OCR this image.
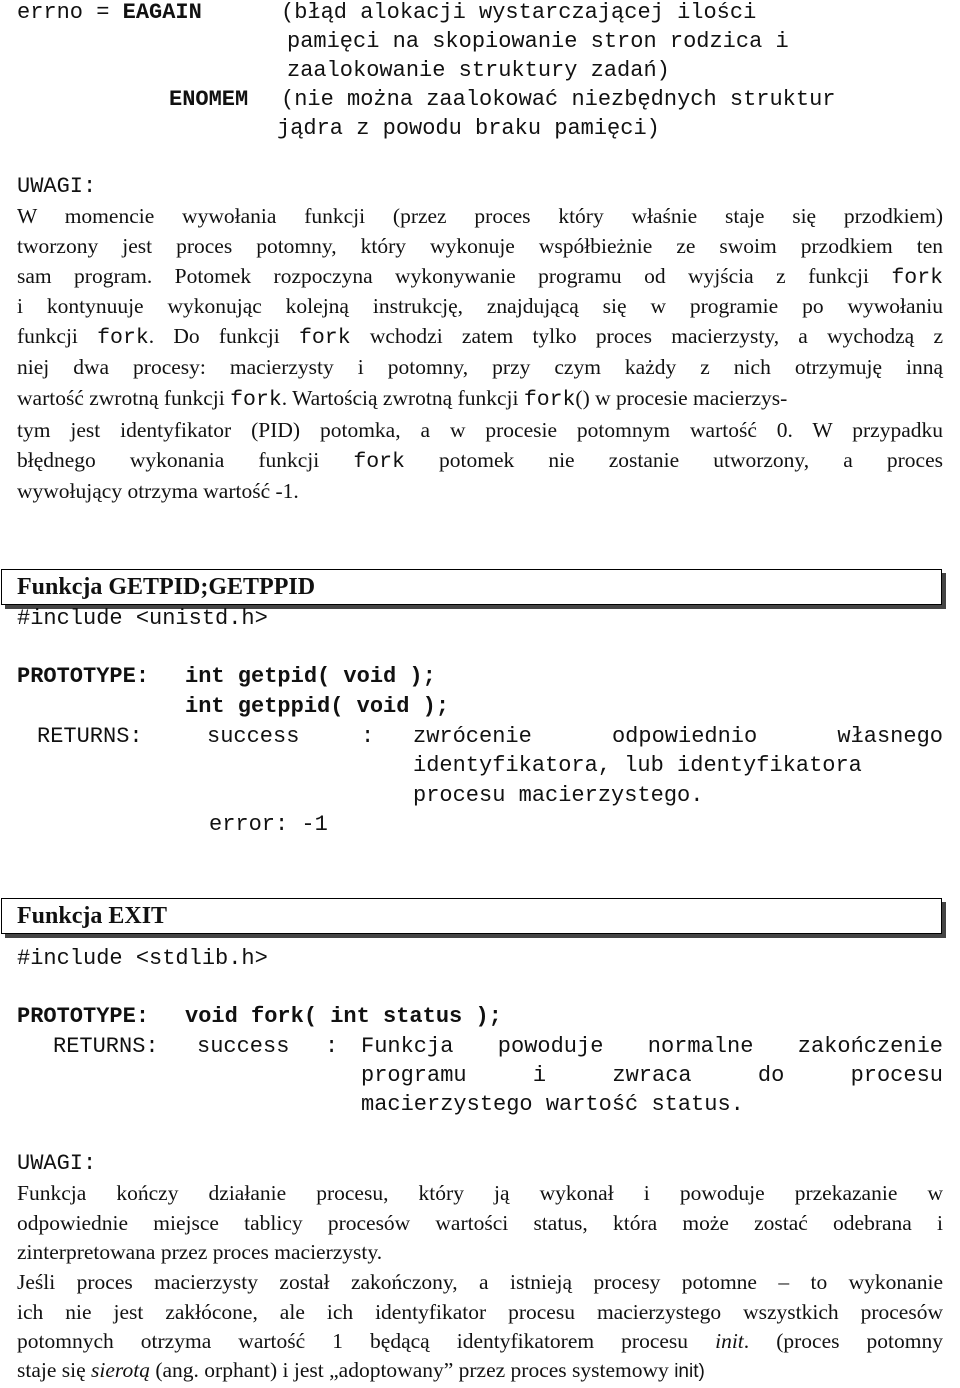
errno = EAGAIN	(błąd alokacji wystarczającej ilości
pamięci na skopiowanie stron rodzica i
zaalokowanie struktury zadań)
ENOMEM (nie można zaalokować niezbędnych struktur
jądra z powodu braku pamięci)
UWAGI:
W momencie wywołania funkcji (przez proces który właśnie staje się przodkiem)
tworzony jest proces potomny, który wykonuje współbieżnie ze swoim przodkiem ten
sam program. Potomek rozpoczyna wykonywanie programu od wyjścia z funkcji fork
i kontynuuje wykonując kolejną instrukcję, znajdującą się w programie po wywołaniu
funkcji fork. Do funkcji fork wchodzi zatem tylko proces macierzysty, a wychodzą z
niej dwa procesy: macierzysty i potomny, przy czym każdy z nich otrzymuję inną
wartość zwrotną funkcji fork. Wartością zwrotną funkcji fork() w procesie macierzys-
tym jest identyfikator (PID) potomka, a w procesie potomnym wartość 0. W przypadku
błędnego wykonania funkcji fork potomek nie zostanie utworzony, a proces
wywołujący otrzyma wartość -1.
Funkcja GETPID;GETPPID
#include <unistd.h>
PROTOTYPE: int getpid( void );
int getppid( void );
RETURNS:	success	: zwrócenie odpowiednio własnego
identyfikatora, lub identyfikatora
procesu macierzystego.
error: -1
Funkcja EXIT
#include <stdlib.h>
PROTOTYPE: void fork( int status );
RETURNS: success : Funkcja powoduje normalne zakończenie
programu i zwraca do procesu
macierzystego wartość status.
UWAGI:
Funkcja kończy działanie procesu, który ją wykonał i powoduje przekazanie w
odpowiednie miejsce tablicy procesów wartości status, która może zostać odebrana i
zinterpretowana przez proces macierzysty.
Jeśli proces macierzysty został zakończony, a istnieją procesy potomne – to wykonanie
ich nie jest zakłócone, ale ich identyfikator procesu macierzystego wszystkich procesów
potomnych otrzyma wartość 1 będącą identyfikatorem procesu init. (proces potomny
staje się sierotą (ang. orphant) i jest „adoptowany” przez proces systemowy init)
